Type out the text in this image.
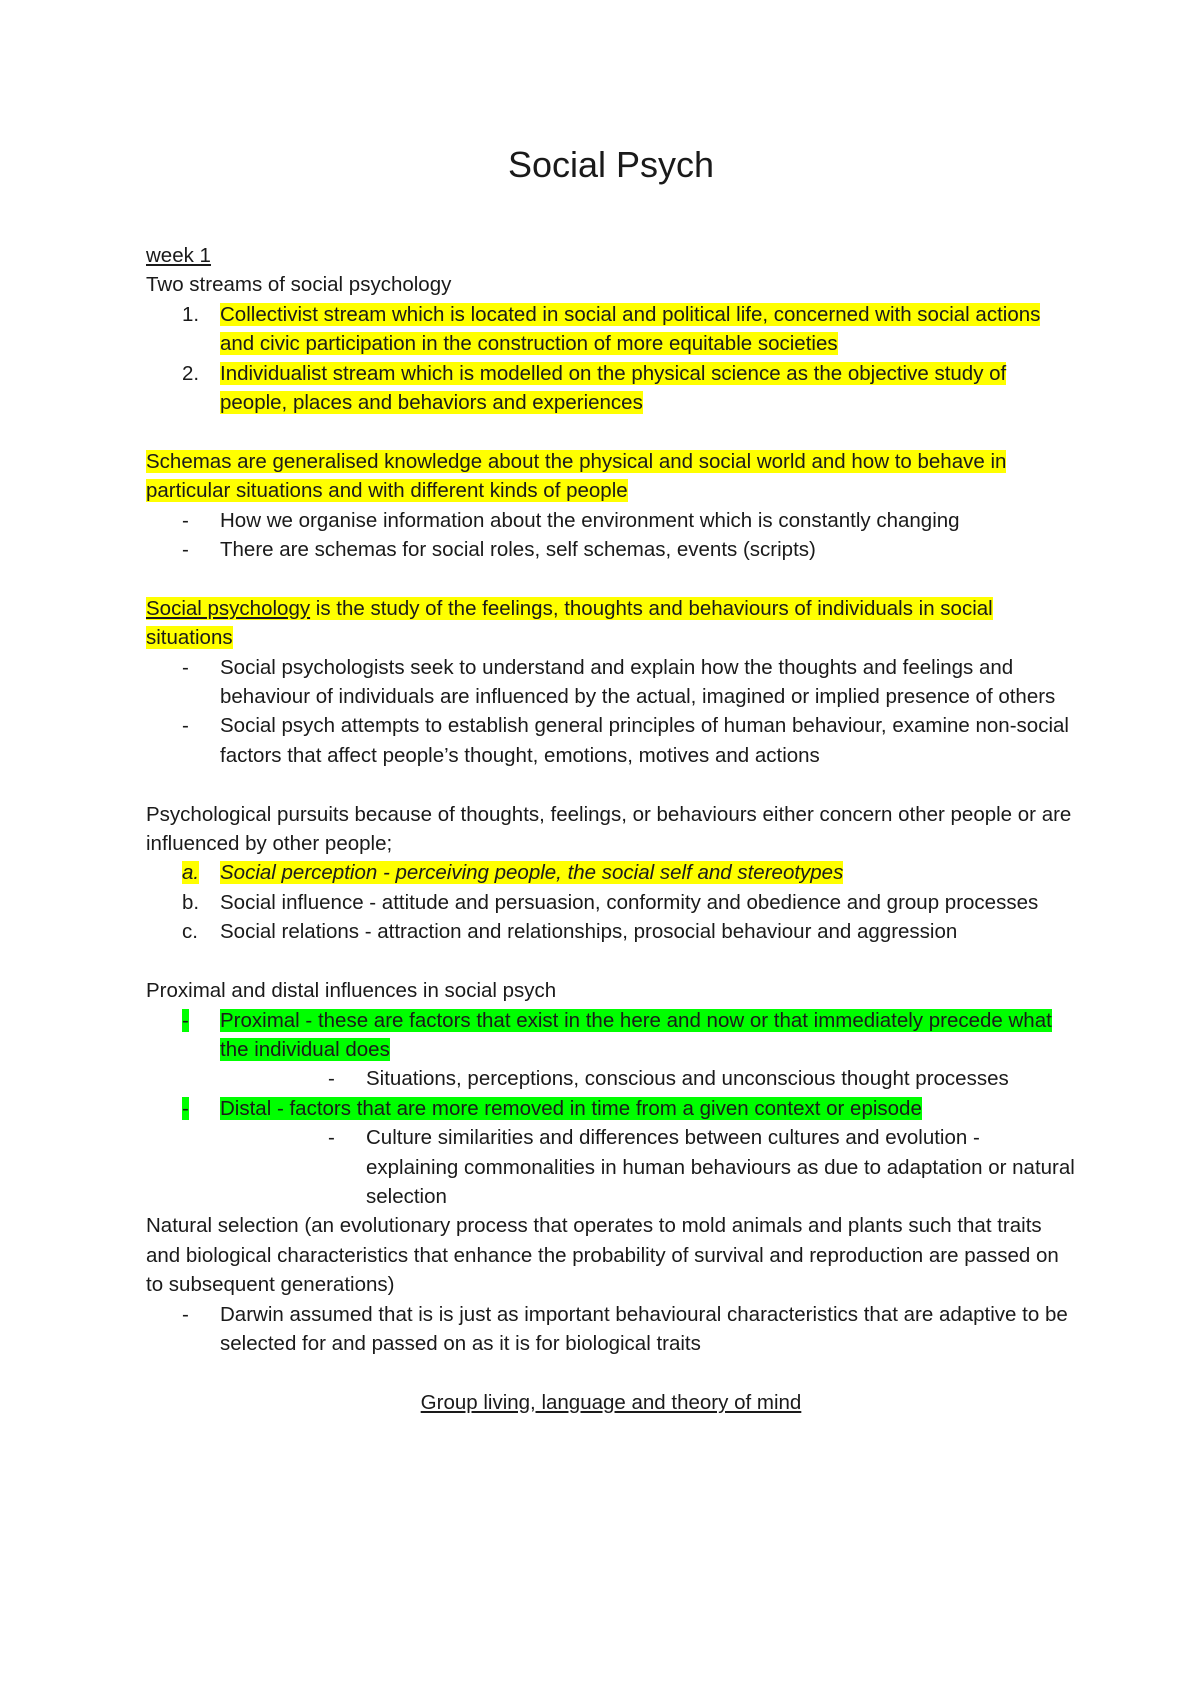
Social Psych

week 1

Two streams of social psychology

1.	Collectivist stream which is located in social and political life, concerned with social actions and civic participation in the construction of more equitable societies
2.	Individualist stream which is modelled on the physical science as the objective study of people, places and behaviors and experiences

Schemas are generalised knowledge about the physical and social world and how to behave in particular situations and with different kinds of people

-	How we organise information about the environment which is constantly changing
-	There are schemas for social roles, self schemas, events (scripts)

Social psychology is the study of the feelings, thoughts and behaviours of individuals in social situations

-	Social psychologists seek to understand and explain how the thoughts and feelings and behaviour of individuals are influenced by the actual, imagined or implied presence of others
-	Social psych attempts to establish general principles of human behaviour, examine non-social factors that affect people’s thought, emotions, motives and actions

Psychological pursuits because of thoughts, feelings, or behaviours either concern other people or are influenced by other people;

a.	Social perception - perceiving people, the social self and stereotypes
b.	Social influence - attitude and persuasion, conformity and obedience and group processes
c.	Social relations - attraction and relationships, prosocial behaviour and aggression

Proximal and distal influences in social psych

-	Proximal - these are factors that exist in the here and now or that immediately precede what the individual does
-	Situations, perceptions, conscious and unconscious thought processes
-	Distal - factors that are more removed in time from a given context or episode
-	Culture similarities and differences between cultures and evolution - explaining commonalities in human behaviours as due to adaptation or natural selection

Natural selection (an evolutionary process that operates to mold animals and plants such that traits and biological characteristics that enhance the probability of survival and reproduction are passed on to subsequent generations)

-	Darwin assumed that is is just as important behavioural characteristics that are adaptive to be selected for and passed on as it is for biological traits

Group living, language and theory of mind
